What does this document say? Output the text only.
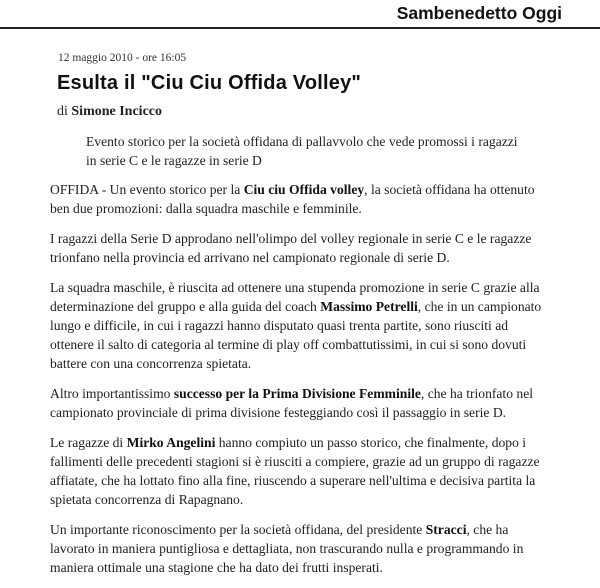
Sambenedetto Oggi
12 maggio 2010 - ore 16:05
Esulta il "Ciu Ciu Offida Volley"
di Simone Incicco
Evento storico per la società offidana di pallavvolo che vede promossi i ragazzi in serie C e le ragazze in serie D

OFFIDA - Un evento storico per la Ciu ciu Offida volley, la società offidana ha ottenuto ben due promozioni: dalla squadra maschile e femminile.

I ragazzi della Serie D approdano nell'olimpo del volley regionale in serie C e le ragazze trionfano nella provincia ed arrivano nel campionato regionale di serie D.

La squadra maschile, è riuscita ad ottenere una stupenda promozione in serie C grazie alla determinazione del gruppo e alla guida del coach Massimo Petrelli, che in un campionato lungo e difficile, in cui i ragazzi hanno disputato quasi trenta partite, sono riusciti ad ottenere il salto di categoria al termine di play off combattutissimi, in cui si sono dovuti battere con una concorrenza spietata.

Altro importantissimo successo per la Prima Divisione Femminile, che ha trionfato nel campionato provinciale di prima divisione festeggiando così il passaggio in serie D.

Le ragazze di Mirko Angelini hanno compiuto un passo storico, che finalmente, dopo i fallimenti delle precedenti stagioni si è riusciti a compiere, grazie ad un gruppo di ragazze affiatate, che ha lottato fino alla fine, riuscendo a superare nell'ultima e decisiva partita la spietata concorrenza di Rapagnano.

Un importante riconoscimento per la società offidana, del presidente Stracci, che ha lavorato in maniera puntigliosa e dettagliata, non trascurando nulla e programmando in maniera ottimale una stagione che ha dato dei frutti insperati.
